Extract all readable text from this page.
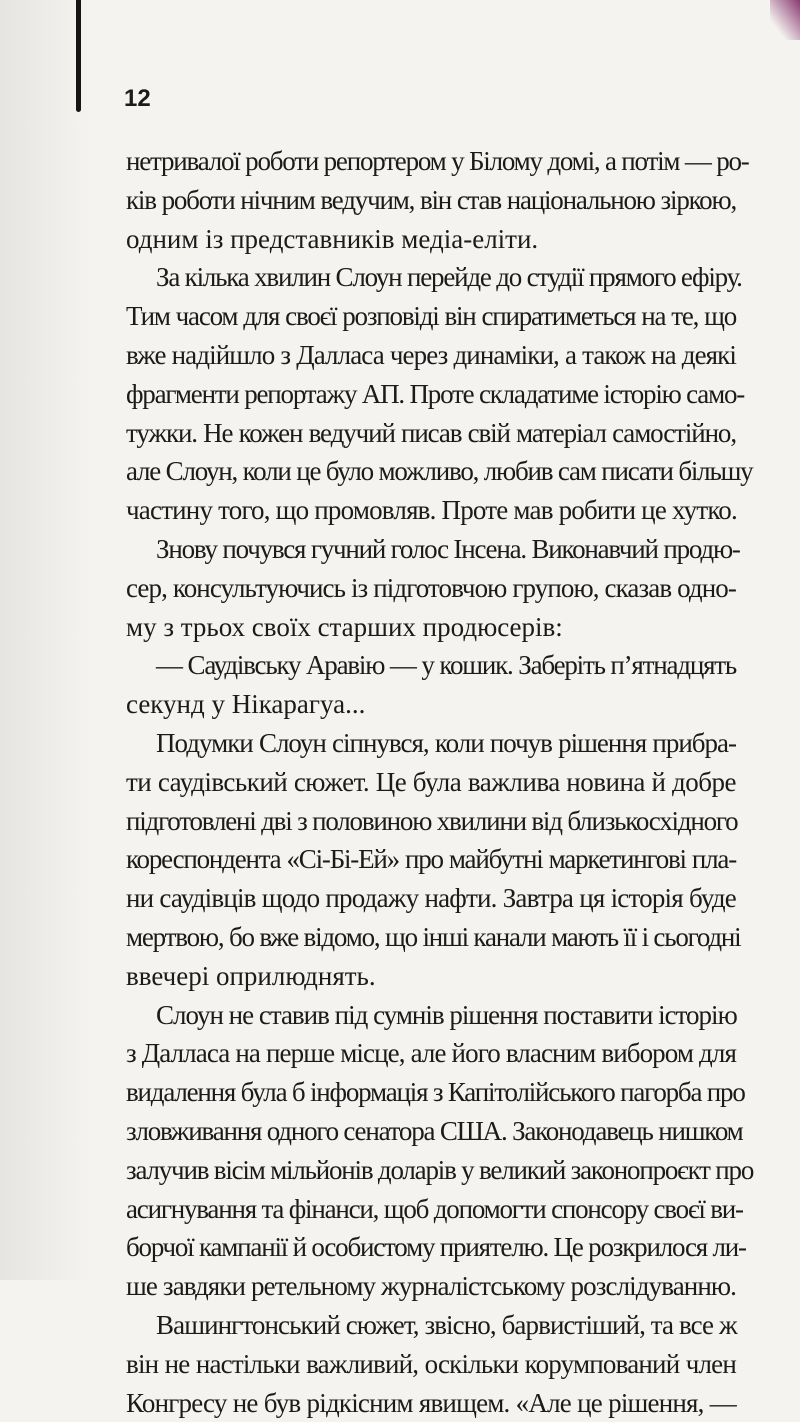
12
нетривалої роботи репортером у Білому домі, а потім — ро-
ків роботи нічним ведучим, він став національною зіркою,
одним із представників медіа-еліти.
За кілька хвилин Слоун перейде до студії прямого ефіру.
Тим часом для своєї розповіді він спиратиметься на те, що
вже надійшло з Далласа через динаміки, а також на деякі
фрагменти репортажу АП. Проте складатиме історію само-
тужки. Не кожен ведучий писав свій матеріал самостійно,
але Слоун, коли це було можливо, любив сам писати більшу
частину того, що промовляв. Проте мав робити це хутко.
Знову почувся гучний голос Інсена. Виконавчий продю-
сер, консультуючись із підготовчою групою, сказав одно-
му з трьох своїх старших продюсерів:
— Саудівську Аравію — у кошик. Заберіть п’ятнадцять
секунд у Нікарагуа...
Подумки Слоун сіпнувся, коли почув рішення прибра-
ти саудівський сюжет. Це була важлива новина й добре
підготовлені дві з половиною хвилини від близькосхідного
кореспондента «Сі-Бі-Ей» про майбутні маркетингові пла-
ни саудівців щодо продажу нафти. Завтра ця історія буде
мертвою, бо вже відомо, що інші канали мають її і сьогодні
ввечері оприлюднять.
Слоун не ставив під сумнів рішення поставити історію
з Далласа на перше місце, але його власним вибором для
видалення була б інформація з Капітолійського пагорба про
зловживання одного сенатора США. Законодавець нишком
залучив вісім мільйонів доларів у великий законопроєкт про
асигнування та фінанси, щоб допомогти спонсору своєї ви-
борчої кампанії й особистому приятелю. Це розкрилося ли-
ше завдяки ретельному журналістському розслідуванню.
Вашингтонський сюжет, звісно, барвистіший, та все ж
він не настільки важливий, оскільки корумпований член
Конгресу не був рідкісним явищем. «Але це рішення, —
